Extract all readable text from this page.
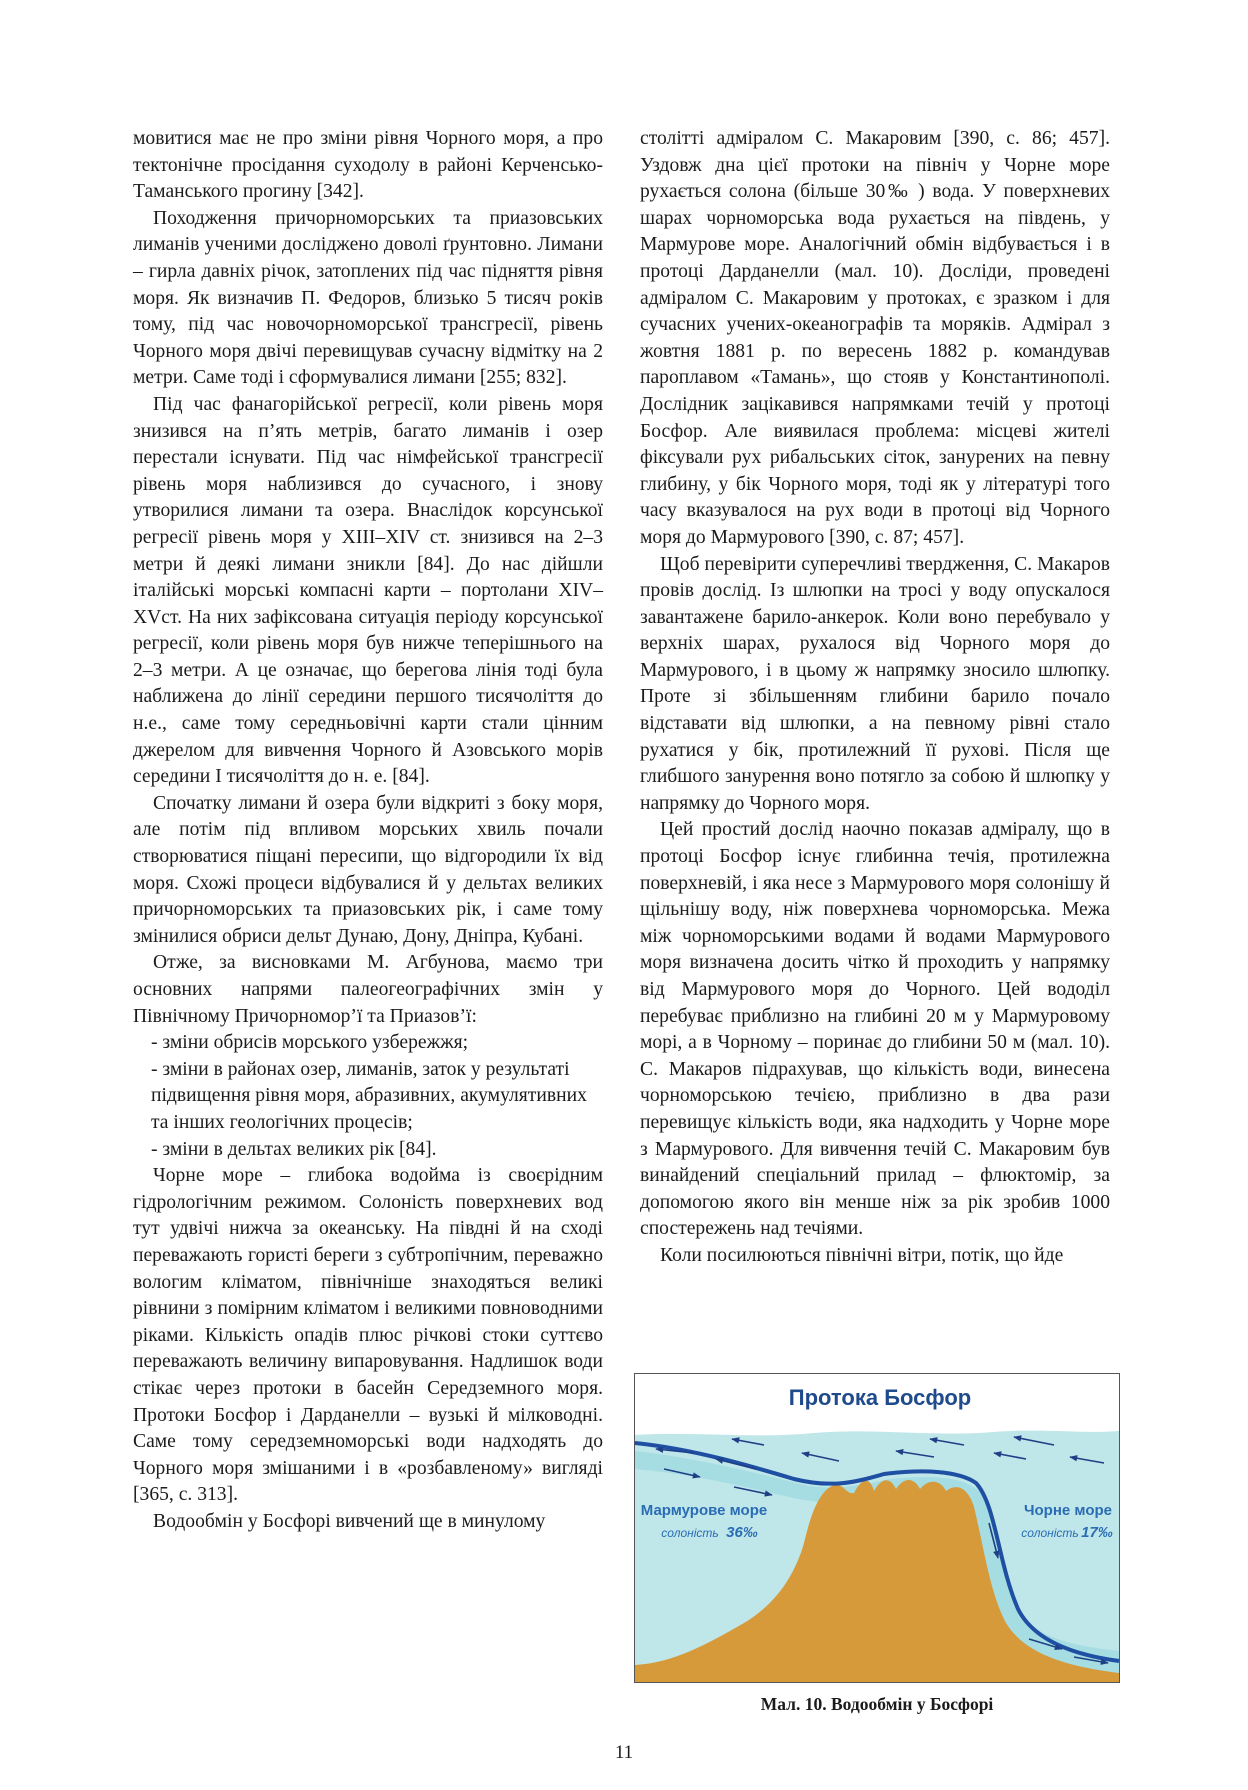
мовитися має не про зміни рівня Чорного моря, а про тектонічне просідання суходолу в районі Керченсько-Таманського прогину [342].

Походження причорноморських та приазовських лиманів ученими досліджено доволі ґрунтовно. Лимани – гирла давніх річок, затоплених під час підняття рівня моря. Як визначив П. Федоров, близько 5 тисяч років тому, під час новочорноморської трансгресії, рівень Чорного моря двічі перевищував сучасну відмітку на 2 метри. Саме тоді і сформувалися лимани [255; 832].

Під час фанагорійської регресії, коли рівень моря знизився на п’ять метрів, багато лиманів і озер перестали існувати. Під час німфейської трансгресії рівень моря наблизився до сучасного, і знову утворилися лимани та озера. Внаслідок корсунської регресії рівень моря у XIII–XIV ст. знизився на 2–3 метри й деякі лимани зникли [84]. До нас дійшли італійські морські компасні карти – портолани XIV–XVст. На них зафіксована ситуація періоду корсунської регресії, коли рівень моря був нижче теперішнього на 2–3 метри. А це означає, що берегова лінія тоді була наближена до лінії середини першого тисячоліття до н.е., саме тому середньовічні карти стали цінним джерелом для вивчення Чорного й Азовського морів середини І тисячоліття до н. е. [84].

Спочатку лимани й озера були відкриті з боку моря, але потім під впливом морських хвиль почали створюватися піщані пересипи, що відгородили їх від моря. Схожі процеси відбувалися й у дельтах великих причорноморських та приазовських рік, і саме тому змінилися обриси дельт Дунаю, Дону, Дніпра, Кубані.

Отже, за висновками М. Агбунова, маємо три основних напрями палеогеографічних змін у Північному Причорномор’ї та Приазов’ї:

- зміни обрисів морського узбережжя;

- зміни в районах озер, лиманів, заток у результаті підвищення рівня моря, абразивних, акумулятивних та інших геологічних процесів;

- зміни в дельтах великих рік [84].

Чорне море – глибока водойма із своєрідним гідрологічним режимом. Солоність поверхневих вод тут удвічі нижча за океанську. На півдні й на сході переважають гористі береги з субтропічним, переважно вологим кліматом, північніше знаходяться великі рівнини з помірним кліматом і великими повноводними ріками. Кількість опадів плюс річкові стоки суттєво переважають величину випаровування. Надлишок води стікає через протоки в басейн Середземного моря. Протоки Босфор і Дарданелли – вузькі й мілководні. Саме тому середземноморські води надходять до Чорного моря змішаними і в «розбавленому» вигляді [365, с. 313].

Водообмін у Босфорі вивчений ще в минулому

столітті адміралом С. Макаровим [390, с. 86; 457]. Уздовж дна цієї протоки на північ у Чорне море рухається солона (більше 30‰ ) вода. У поверхневих шарах чорноморська вода рухається на південь, у Мармурове море. Аналогічний обмін відбувається і в протоці Дарданелли (мал. 10). Досліди, проведені адміралом С. Макаровим у протоках, є зразком і для сучасних учених-океанографів та моряків. Адмірал з жовтня 1881 р. по вересень 1882 р. командував пароплавом «Тамань», що стояв у Константинополі. Дослідник зацікавився напрямками течій у протоці Босфор. Але виявилася проблема: місцеві жителі фіксували рух рибальських сіток, занурених на певну глибину, у бік Чорного моря, тоді як у літературі того часу вказувалося на рух води в протоці від Чорного моря до Мармурового [390, с. 87; 457].

Щоб перевірити суперечливі твердження, С. Макаров провів дослід. Із шлюпки на тросі у воду опускалося завантажене барило-анкерок. Коли воно перебувало у верхніх шарах, рухалося від Чорного моря до Мармурового, і в цьому ж напрямку зносило шлюпку. Проте зі збільшенням глибини барило почало відставати від шлюпки, а на певному рівні стало рухатися у бік, протилежний її руховi. Після ще глибшого занурення воно потягло за собою й шлюпку у напрямку до Чорного моря.

Цей простий дослід наочно показав адміралу, що в протоці Босфор існує глибинна течія, протилежна поверхневій, і яка несе з Мармурового моря солонішу й щільнішу воду, ніж поверхнева чорноморська. Межа між чорноморськими водами й водами Мармурового моря визначена досить чітко й проходить у напрямку від Мармурового моря до Чорного. Цей вододіл перебуває приблизно на глибині 20 м у Мармуровому морі, а в Чорному – поринає до глибини 50 м (мал. 10). С. Макаров підрахував, що кількість води, винесена чорноморською течією, приблизно в два рази перевищує кількість води, яка надходить у Чорне море з Мармурового. Для вивчення течій С. Макаровим був винайдений спеціальний прилад – флюктомір, за допомогою якого він менше ніж за рік зробив 1000 спостережень над течіями.

Коли посилюються північні вітри, потік, що йде

Протока Босфор
Мармурове море
солоність 36‰
Чорне море
солоність 17‰
Мал. 10. Водообмін у Босфорі
11
